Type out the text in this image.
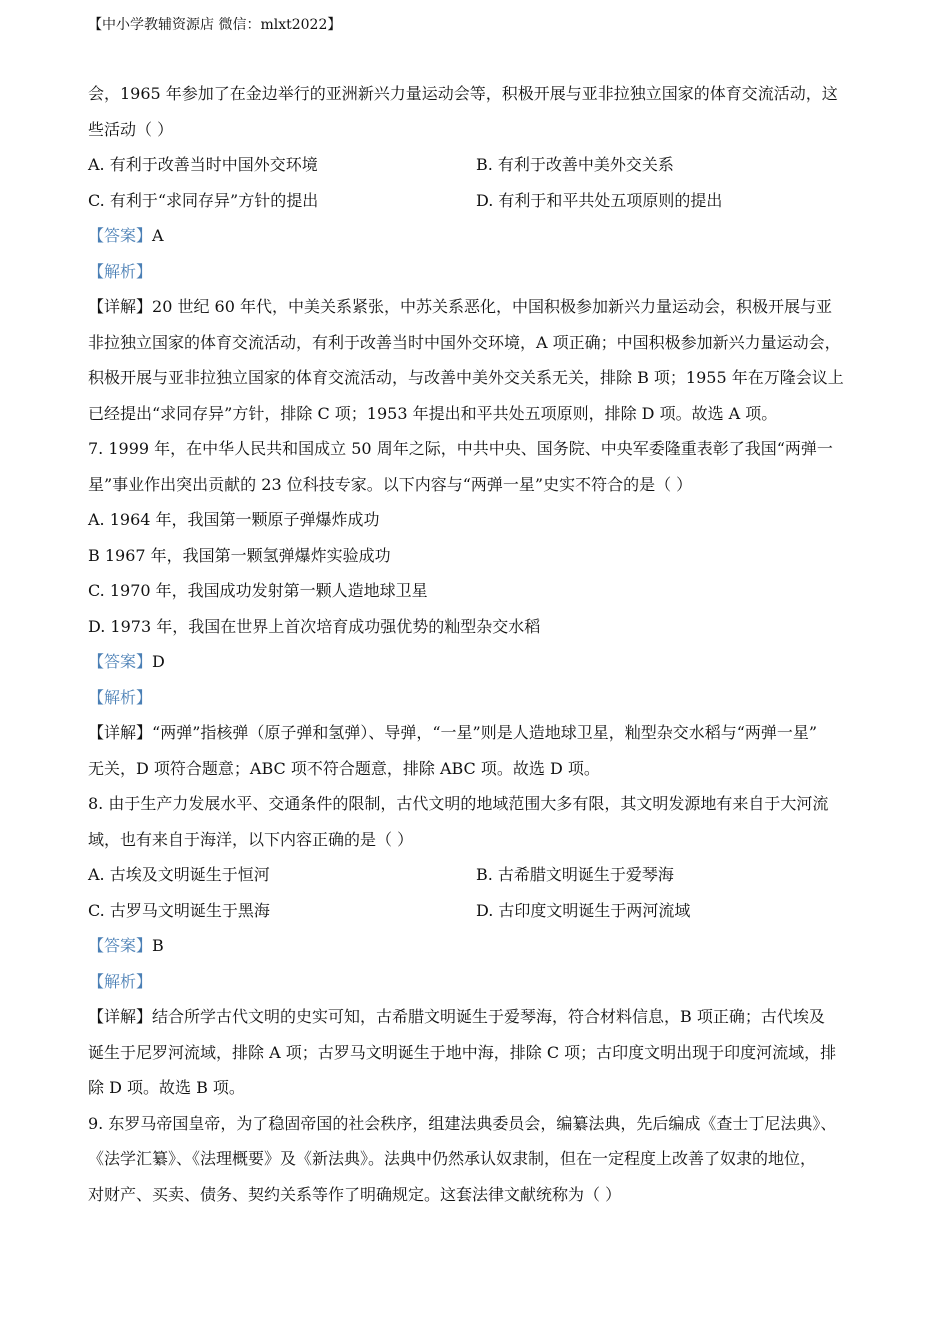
【中小学教辅资源店 微信：mlxt2022】
会，1965 年参加了在金边举行的亚洲新兴力量运动会等，积极开展与亚非拉独立国家的体育交流活动，这
些活动（ ）
A. 有利于改善当时中国外交环境	B. 有利于改善中美外交关系
C. 有利于“求同存异”方针的提出	D. 有利于和平共处五项原则的提出
【答案】A
【解析】
【详解】20 世纪 60 年代，中美关系紧张，中苏关系恶化，中国积极参加新兴力量运动会，积极开展与亚
非拉独立国家的体育交流活动，有利于改善当时中国外交环境，A 项正确；中国积极参加新兴力量运动会，
积极开展与亚非拉独立国家的体育交流活动，与改善中美外交关系无关，排除 B 项；1955 年在万隆会议上
已经提出“求同存异”方针，排除 C 项；1953 年提出和平共处五项原则，排除 D 项。故选 A 项。
7. 1999 年，在中华人民共和国成立 50 周年之际，中共中央、国务院、中央军委隆重表彰了我国“两弹一
星”事业作出突出贡献的 23 位科技专家。以下内容与“两弹一星”史实不符合的是（ ）
A. 1964 年，我国第一颗原子弹爆炸成功
B 1967 年，我国第一颗氢弹爆炸实验成功
C. 1970 年，我国成功发射第一颗人造地球卫星
D. 1973 年，我国在世界上首次培育成功强优势的籼型杂交水稻
【答案】D
【解析】
【详解】“两弹”指核弹（原子弹和氢弹）、导弹，“一星”则是人造地球卫星，籼型杂交水稻与“两弹一星”
无关，D 项符合题意；ABC 项不符合题意，排除 ABC 项。故选 D 项。
8. 由于生产力发展水平、交通条件的限制，古代文明的地域范围大多有限，其文明发源地有来自于大河流
域，也有来自于海洋，以下内容正确的是（ ）
A. 古埃及文明诞生于恒河	B. 古希腊文明诞生于爱琴海
C. 古罗马文明诞生于黑海	D. 古印度文明诞生于两河流域
【答案】B
【解析】
【详解】结合所学古代文明的史实可知，古希腊文明诞生于爱琴海，符合材料信息，B 项正确；古代埃及
诞生于尼罗河流域，排除 A 项；古罗马文明诞生于地中海，排除 C 项；古印度文明出现于印度河流域，排
除 D 项。故选 B 项。
9. 东罗马帝国皇帝，为了稳固帝国的社会秩序，组建法典委员会，编纂法典，先后编成《查士丁尼法典》、
《法学汇纂》、《法理概要》及《新法典》。法典中仍然承认奴隶制，但在一定程度上改善了奴隶的地位，
对财产、买卖、债务、契约关系等作了明确规定。这套法律文献统称为（ ）
